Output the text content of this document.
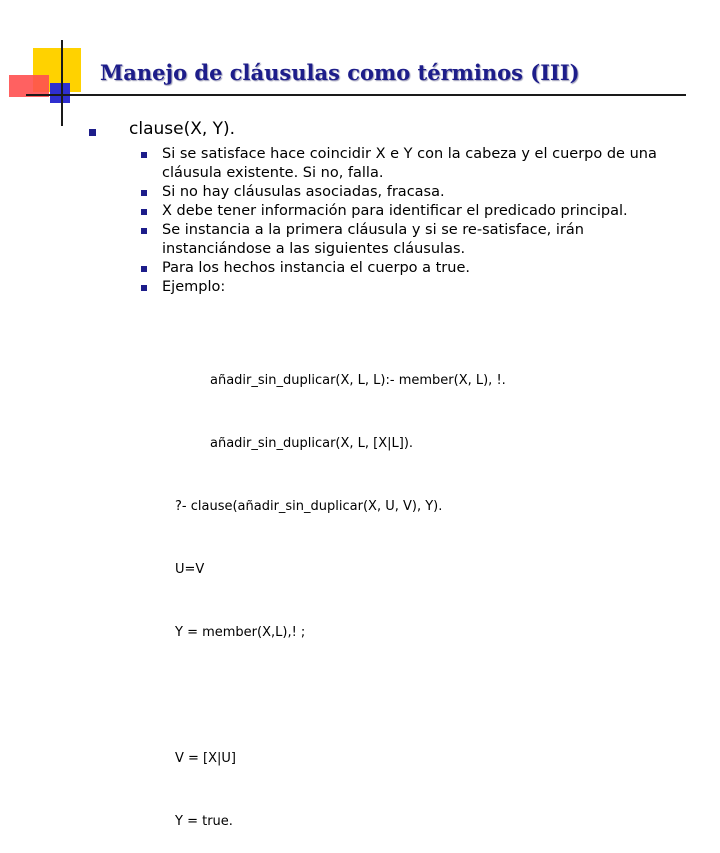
Manejo de cláusulas como términos (III)
clause(X, Y).
Si se satisface hace coincidir X e Y con la cabeza y el cuerpo de una cláusula existente. Si no, falla.
Si no hay cláusulas asociadas, fracasa.
X debe tener información para identificar el predicado principal.
Se instancia a la primera cláusula y si se re-satisface, irán instanciándose a las siguientes cláusulas.
Para los hechos instancia el cuerpo a true.
Ejemplo:

añadir_sin_duplicar(X, L, L):- member(X, L), !.

añadir_sin_duplicar(X, L, [X|L]).

?- clause(añadir_sin_duplicar(X, U, V), Y).

U=V

Y = member(X,L),! ;

V = [X|U]

Y = true.
